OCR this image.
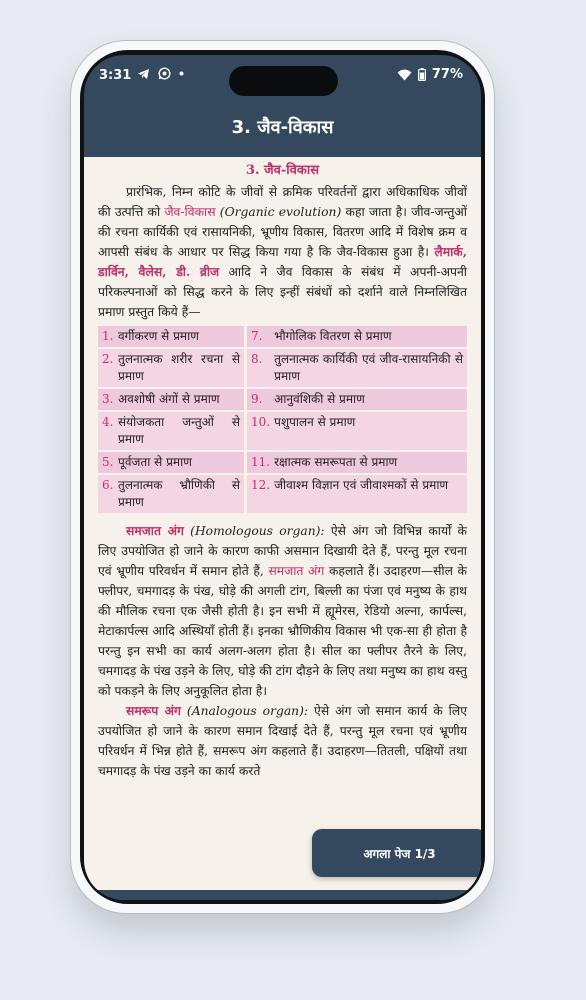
3:31	77%
3. जैव-विकास
3. जैव-विकास

प्रारंभिक, निम्न कोटि के जीवों से क्रमिक परिवर्तनों द्वारा अधिकाधिक जीवों की उत्पत्ति को जैव-विकास (Organic evolution) कहा जाता है। जीव-जन्तुओं की रचना कार्यिकी एवं रासायनिकी, भ्रूणीय विकास, वितरण आदि में विशेष क्रम व आपसी संबंध के आधार पर सिद्ध किया गया है कि जैव-विकास हुआ है। लैमार्क, डार्विन, वैलेस, डी. व्रीज आदि ने जैव विकास के संबंध में अपनी-अपनी परिकल्पनाओं को सिद्ध करने के लिए इन्हीं संबंधों को दर्शाने वाले निम्नलिखित प्रमाण प्रस्तुत किये हैं—

1.	वर्गीकरण से प्रमाण		7.	भौगोलिक वितरण से प्रमाण
2.	तुलनात्मक शरीर रचना से प्रमाण		8.	तुलनात्मक कार्यिकी एवं जीव-रासायनिकी से प्रमाण
3.	अवशोषी अंगों से प्रमाण		9.	आनुवंशिकी से प्रमाण
4.	संयोजकता जन्तुओं से प्रमाण		10.	पशुपालन से प्रमाण
5.	पूर्वजता से प्रमाण		11.	रक्षात्मक समरूपता से प्रमाण
6.	तुलनात्मक भ्रौणिकी से प्रमाण		12.	जीवाश्म विज्ञान एवं जीवाश्मकों से प्रमाण

समजात अंग (Homologous organ): ऐसे अंग जो विभिन्न कार्यों के लिए उपयोजित हो जाने के कारण काफी असमान दिखायी देते हैं, परन्तु मूल रचना एवं भ्रूणीय परिवर्धन में समान होते हैं, समजात अंग कहलाते हैं। उदाहरण—सील के फ्लीपर, चमगादड़ के पंख, घोड़े की अगली टांग, बिल्ली का पंजा एवं मनुष्य के हाथ की मौलिक रचना एक जैसी होती है। इन सभी में ह्यूमेरस, रेडियो अल्ना, कार्पल्स, मेटाकार्पल्स आदि अस्थियाँ होती हैं। इनका भ्रौणिकीय विकास भी एक-सा ही होता है परन्तु इन सभी का कार्य अलग-अलग होता है। सील का फ्लीपर तैरने के लिए, चमगादड़ के पंख उड़ने के लिए, घोड़े की टांग दौड़ने के लिए तथा मनुष्य का हाथ वस्तु को पकड़ने के लिए अनुकूलित होता है।

समरूप अंग (Analogous organ): ऐसे अंग जो समान कार्य के लिए उपयोजित हो जाने के कारण समान दिखाई देते हैं, परन्तु मूल रचना एवं भ्रूणीय परिवर्धन में भिन्न होते हैं, समरूप अंग कहलाते हैं। उदाहरण—तितली, पक्षियों तथा चमगादड़ के पंख उड़ने का कार्य करते

अगला पेज 1/3
